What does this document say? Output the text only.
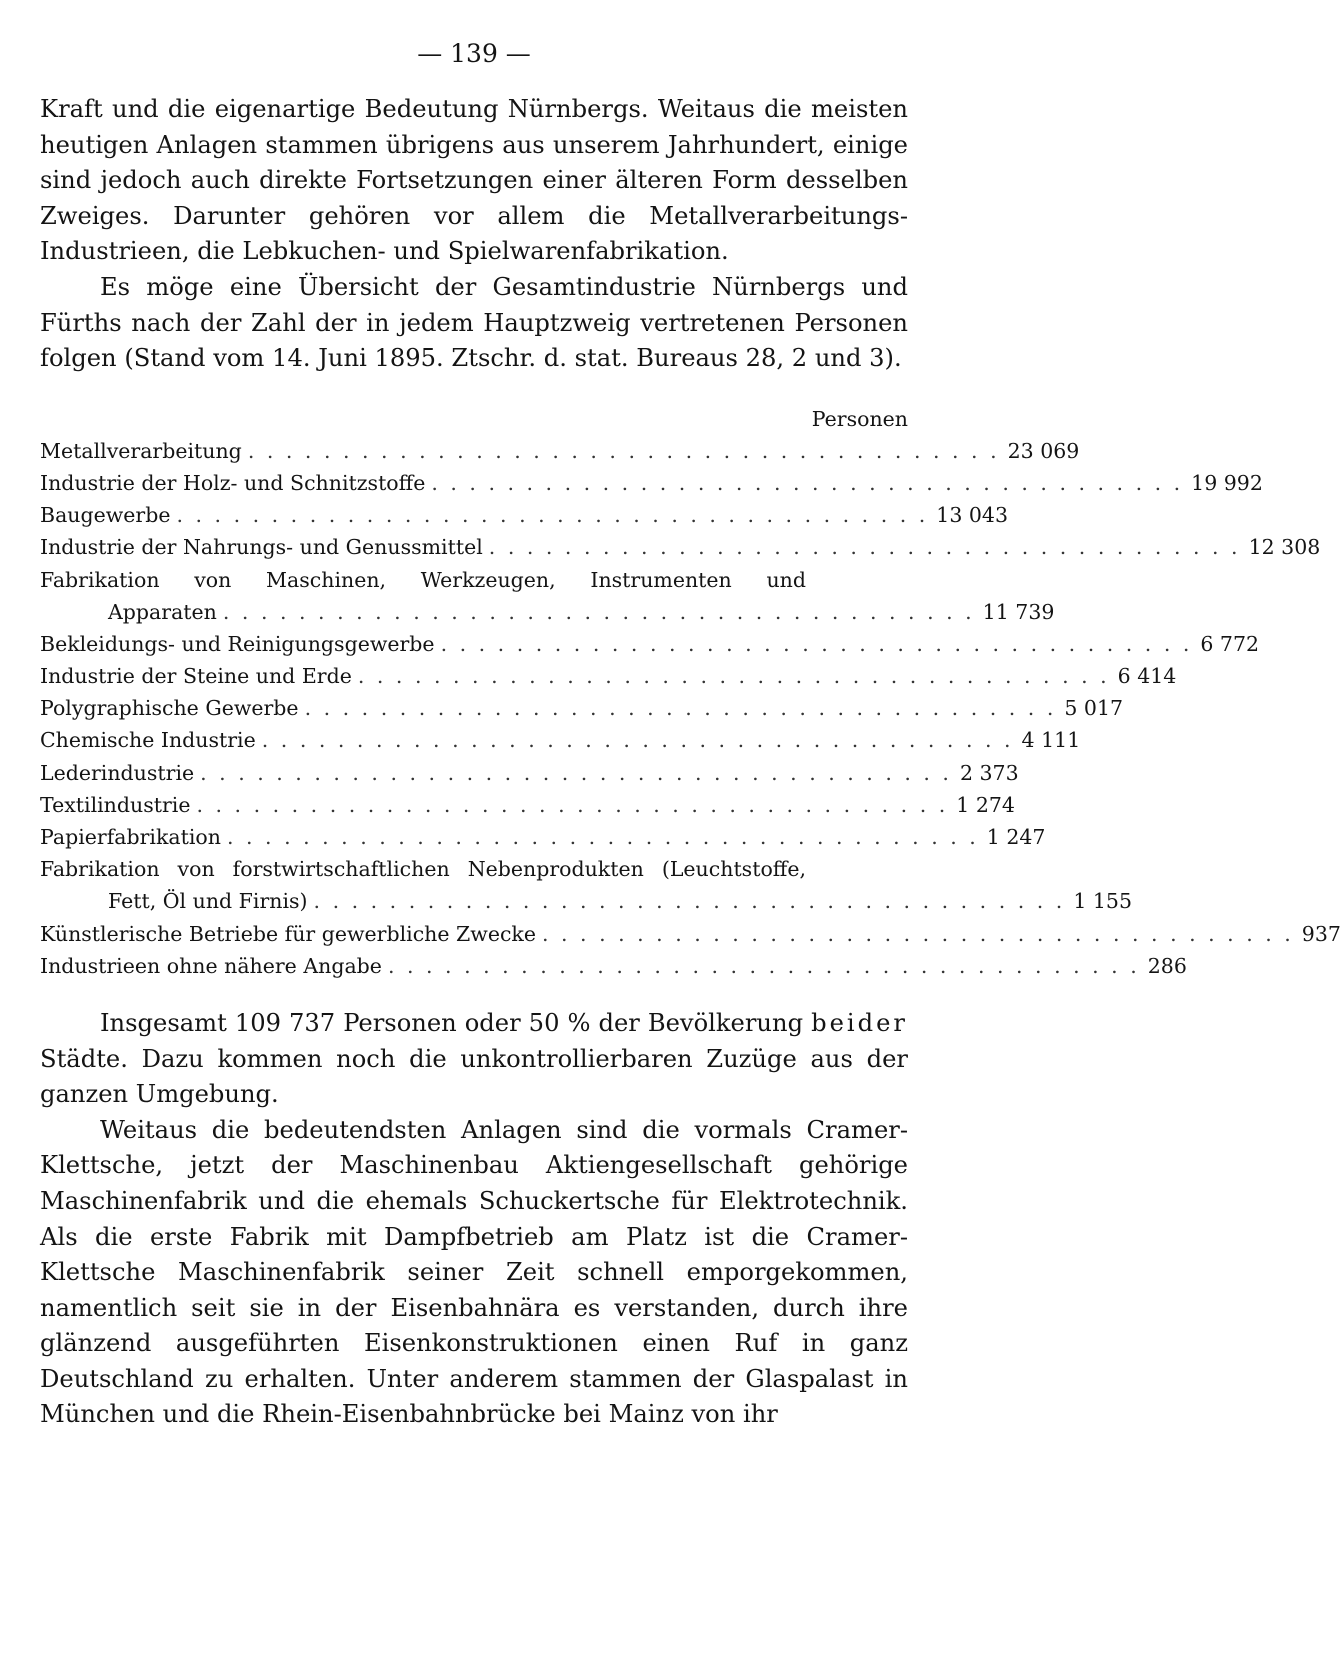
— 139 —

Kraft und die eigenartige Bedeutung Nürnbergs. Weitaus die meisten heutigen Anlagen stammen übrigens aus unserem Jahrhundert, einige sind jedoch auch direkte Fortsetzungen einer älteren Form desselben Zweiges. Darunter gehören vor allem die Metallverarbeitungs-Industrieen, die Lebkuchen- und Spielwarenfabrikation.

Es möge eine Übersicht der Gesamtindustrie Nürnbergs und Fürths nach der Zahl der in jedem Hauptzweig vertretenen Personen folgen (Stand vom 14. Juni 1895. Ztschr. d. stat. Bureaus 28, 2 und 3).

Personen
Metallverarbeitung . . . . . . . . . . . . . . . . . . . . . . . . . . . . . . . . . . . . . . . . 23 069
Industrie der Holz- und Schnitzstoffe . . . . . . . . . . . . . . . . . . . . . . . . . . . . . . . . . . . . . . . . 19 992
Baugewerbe . . . . . . . . . . . . . . . . . . . . . . . . . . . . . . . . . . . . . . . . 13 043
Industrie der Nahrungs- und Genussmittel . . . . . . . . . . . . . . . . . . . . . . . . . . . . . . . . . . . . . . . . 12 308
Fabrikation von Maschinen, Werkzeugen, Instrumenten und
Apparaten . . . . . . . . . . . . . . . . . . . . . . . . . . . . . . . . . . . . . . . . 11 739
Bekleidungs- und Reinigungsgewerbe . . . . . . . . . . . . . . . . . . . . . . . . . . . . . . . . . . . . . . . . 6 772
Industrie der Steine und Erde . . . . . . . . . . . . . . . . . . . . . . . . . . . . . . . . . . . . . . . . 6 414
Polygraphische Gewerbe . . . . . . . . . . . . . . . . . . . . . . . . . . . . . . . . . . . . . . . . 5 017
Chemische Industrie . . . . . . . . . . . . . . . . . . . . . . . . . . . . . . . . . . . . . . . . 4 111
Lederindustrie . . . . . . . . . . . . . . . . . . . . . . . . . . . . . . . . . . . . . . . . 2 373
Textilindustrie . . . . . . . . . . . . . . . . . . . . . . . . . . . . . . . . . . . . . . . . 1 274
Papierfabrikation . . . . . . . . . . . . . . . . . . . . . . . . . . . . . . . . . . . . . . . . 1 247
Fabrikation von forstwirtschaftlichen Nebenprodukten (Leuchtstoffe,
Fett, Öl und Firnis) . . . . . . . . . . . . . . . . . . . . . . . . . . . . . . . . . . . . . . . . 1 155
Künstlerische Betriebe für gewerbliche Zwecke . . . . . . . . . . . . . . . . . . . . . . . . . . . . . . . . . . . . . . . . 937
Industrieen ohne nähere Angabe . . . . . . . . . . . . . . . . . . . . . . . . . . . . . . . . . . . . . . . . 286

Insgesamt 109 737 Personen oder 50 % der Bevölkerung beider Städte. Dazu kommen noch die unkontrollierbaren Zuzüge aus der ganzen Umgebung.

Weitaus die bedeutendsten Anlagen sind die vormals Cramer-Klettsche, jetzt der Maschinenbau Aktiengesellschaft gehörige Maschinenfabrik und die ehemals Schuckertsche für Elektrotechnik. Als die erste Fabrik mit Dampfbetrieb am Platz ist die Cramer-Klettsche Maschinenfabrik seiner Zeit schnell emporgekommen, namentlich seit sie in der Eisenbahnära es verstanden, durch ihre glänzend ausgeführten Eisenkonstruktionen einen Ruf in ganz Deutschland zu erhalten. Unter anderem stammen der Glaspalast in München und die Rhein-Eisenbahnbrücke bei Mainz von ihr
